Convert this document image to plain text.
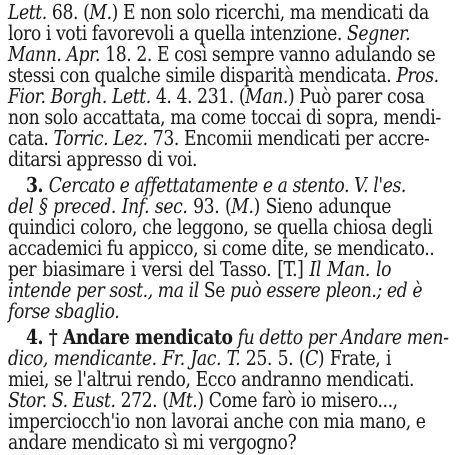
Lett. 68. (M.) E non solo ricerchi, ma mendicati da
loro i voti favorevoli a quella intenzione. Segner.
Mann. Apr. 18. 2. E così sempre vanno adulando se
stessi con qualche simile disparità mendicata. Pros.
Fior. Borgh. Lett. 4. 4. 231. (Man.) Può parer cosa
non solo accattata, ma come toccai di sopra, mendi-
cata. Torric. Lez. 73. Encomii mendicati per accre-
ditarsi appresso di voi.
3. Cercato e affettatamente e a stento. V. l'es.
del § preced. Inf. sec. 93. (M.) Sieno adunque
quindici coloro, che leggono, se quella chiosa degli
accademici fu appicco, si come dite, se mendicato..
per biasimare i versi del Tasso. [T.] Il Man. lo
intende per sost., ma il Se può essere pleon.; ed è
forse sbaglio.
4. † Andare mendicato fu detto per Andare men-
dico, mendicante. Fr. Jac. T. 25. 5. (C) Frate, i
miei, se l'altrui rendo, Ecco andranno mendicati.
Stor. S. Eust. 272. (Mt.) Come farò io misero...,
imperciocch'io non lavorai anche con mia mano, e
andare mendicato sì mi vergogno?
